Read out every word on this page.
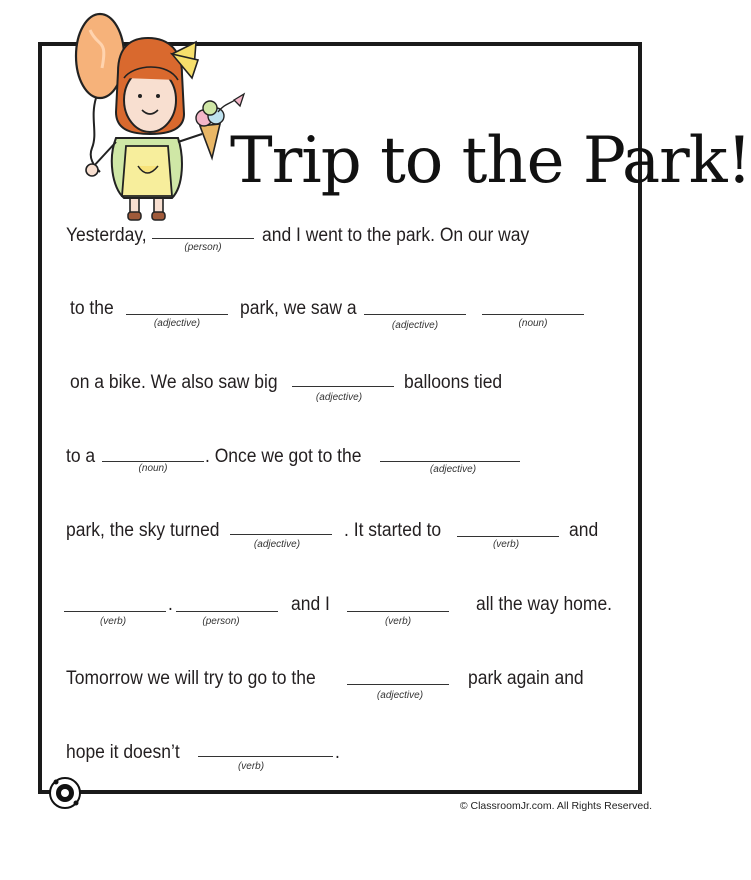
Trip to the Park!
Yesterday,
(person)
and I went to the park. On our way
to the
(adjective)
park, we saw a
(adjective)	(noun)
on a bike. We also saw big
(adjective)
balloons tied
to a
(noun)
. Once we got to the
(adjective)
park, the sky turned
(adjective)
. It started to
(verb)
and
(verb)
.
(person)
and I
(verb)
all the way home.
Tomorrow we will try to go to the
(adjective)
park again and
hope it doesn’t
(verb)
.
© ClassroomJr.com. All Rights Reserved.
